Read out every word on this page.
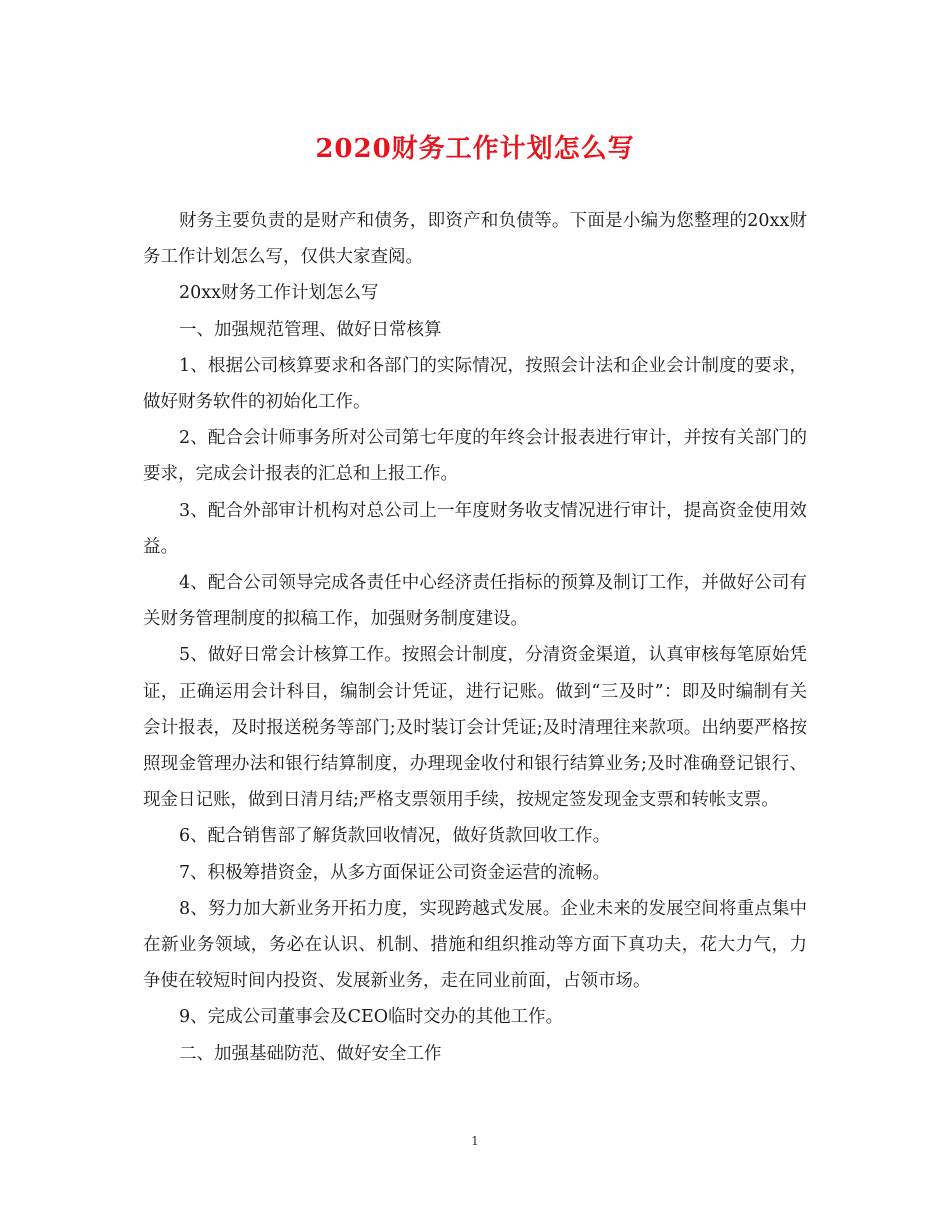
2020财务工作计划怎么写

财务主要负责的是财产和债务，即资产和负债等。下面是小编为您整理的20xx财务工作计划怎么写，仅供大家查阅。

20xx财务工作计划怎么写

一、加强规范管理、做好日常核算

1、根据公司核算要求和各部门的实际情况，按照会计法和企业会计制度的要求，做好财务软件的初始化工作。

2、配合会计师事务所对公司第七年度的年终会计报表进行审计，并按有关部门的要求，完成会计报表的汇总和上报工作。

3、配合外部审计机构对总公司上一年度财务收支情况进行审计，提高资金使用效益。

4、配合公司领导完成各责任中心经济责任指标的预算及制订工作，并做好公司有关财务管理制度的拟稿工作，加强财务制度建设。

5、做好日常会计核算工作。按照会计制度，分清资金渠道，认真审核每笔原始凭证，正确运用会计科目，编制会计凭证，进行记账。做到“三及时”：即及时编制有关会计报表，及时报送税务等部门;及时装订会计凭证;及时清理往来款项。出纳要严格按照现金管理办法和银行结算制度，办理现金收付和银行结算业务;及时准确登记银行、现金日记账，做到日清月结;严格支票领用手续，按规定签发现金支票和转帐支票。

6、配合销售部了解货款回收情况，做好货款回收工作。

7、积极筹措资金，从多方面保证公司资金运营的流畅。

8、努力加大新业务开拓力度，实现跨越式发展。企业未来的发展空间将重点集中在新业务领域，务必在认识、机制、措施和组织推动等方面下真功夫，花大力气，力争使在较短时间内投资、发展新业务，走在同业前面，占领市场。

9、完成公司董事会及CEO临时交办的其他工作。

二、加强基础防范、做好安全工作

1
